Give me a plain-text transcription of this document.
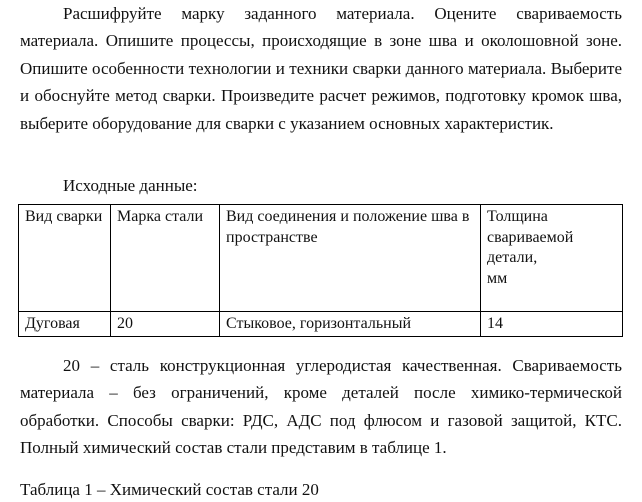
Расшифруйте марку заданного материала. Оцените свариваемость материала. Опишите процессы, происходящие в зоне шва и околошовной зоне. Опишите особенности технологии и техники сварки данного материала. Выберите и обоснуйте метод сварки. Произведите расчет режимов, подготовку кромок шва, выберите оборудование для сварки с указанием основных характеристик.

Исходные данные:

Вид сварки	Марка стали	Вид соединения и положение шва в пространстве	Толщина свариваемой детали, мм

Дуговая	20	Стыковое, горизонтальный	14

20 – сталь конструкционная углеродистая качественная. Свариваемость материала – без ограничений, кроме деталей после химико-термической обработки. Способы сварки: РДС, АДС под флюсом и газовой защитой, КТС. Полный химический состав стали представим в таблице 1.

Таблица 1 – Химический состав стали 20
